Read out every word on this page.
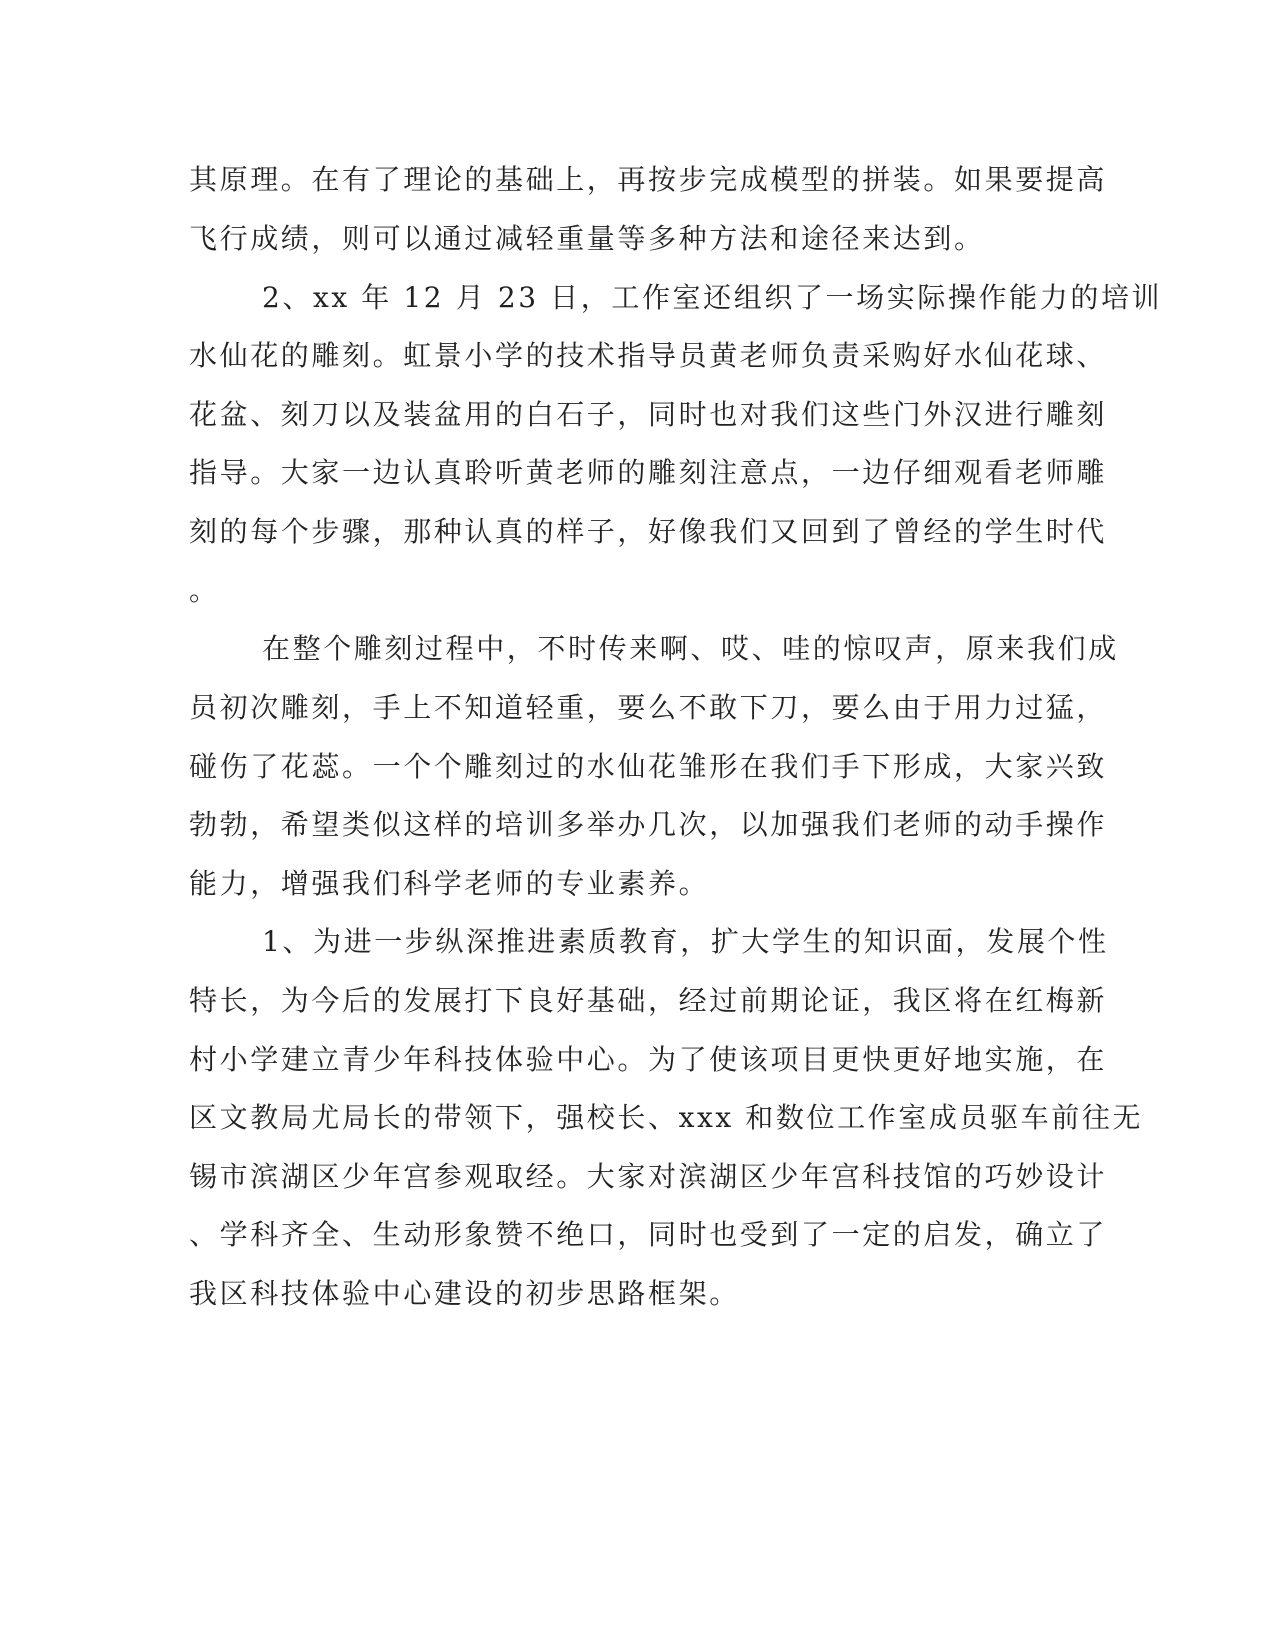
其原理。在有了理论的基础上，再按步完成模型的拼装。如果要提高

飞行成绩，则可以通过减轻重量等多种方法和途径来达到。

2、xx 年 12 月 23 日，工作室还组织了一场实际操作能力的培训

水仙花的雕刻。虹景小学的技术指导员黄老师负责采购好水仙花球、

花盆、刻刀以及装盆用的白石子，同时也对我们这些门外汉进行雕刻

指导。大家一边认真聆听黄老师的雕刻注意点，一边仔细观看老师雕

刻的每个步骤，那种认真的样子，好像我们又回到了曾经的学生时代

。

在整个雕刻过程中，不时传来啊、哎、哇的惊叹声，原来我们成

员初次雕刻，手上不知道轻重，要么不敢下刀，要么由于用力过猛，

碰伤了花蕊。一个个雕刻过的水仙花雏形在我们手下形成，大家兴致

勃勃，希望类似这样的培训多举办几次，以加强我们老师的动手操作

能力，增强我们科学老师的专业素养。

1、为进一步纵深推进素质教育，扩大学生的知识面，发展个性

特长，为今后的发展打下良好基础，经过前期论证，我区将在红梅新

村小学建立青少年科技体验中心。为了使该项目更快更好地实施，在

区文教局尤局长的带领下，强校长、xxx 和数位工作室成员驱车前往无

锡市滨湖区少年宫参观取经。大家对滨湖区少年宫科技馆的巧妙设计

、学科齐全、生动形象赞不绝口，同时也受到了一定的启发，确立了

我区科技体验中心建设的初步思路框架。
